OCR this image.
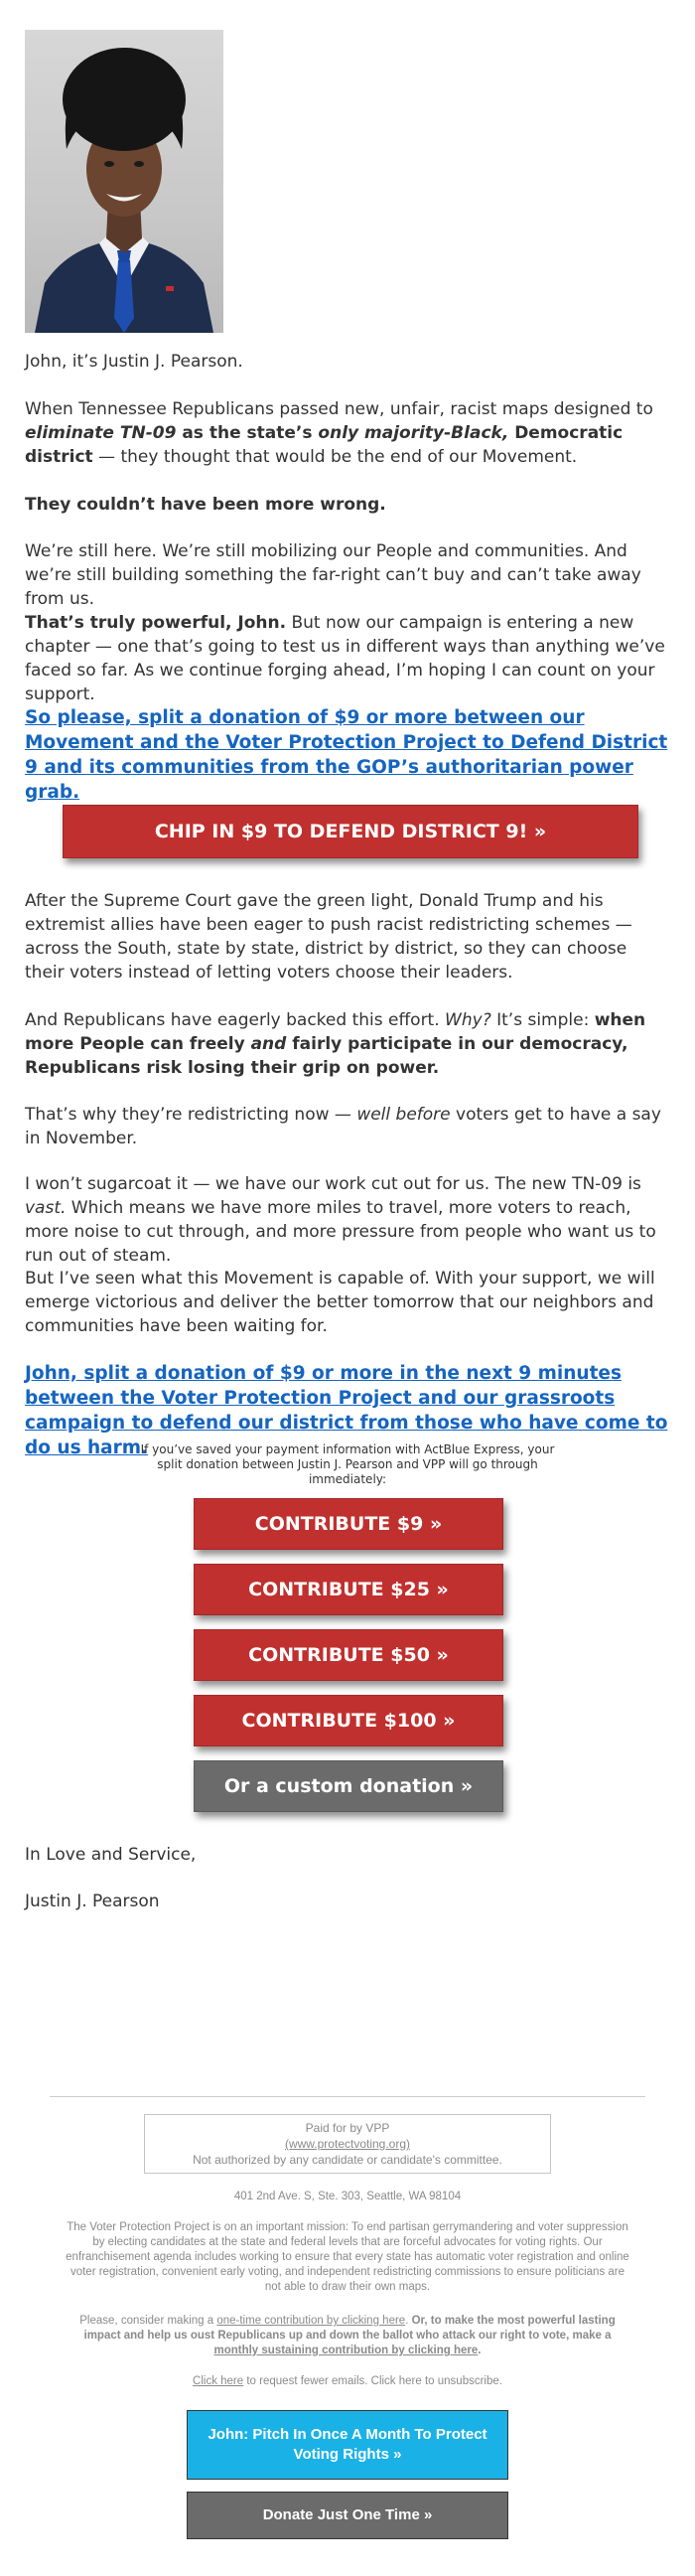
John, it’s Justin J. Pearson.

When Tennessee Republicans passed new, unfair, racist maps designed to eliminate TN-09 as the state’s only majority-Black, Democratic district — they thought that would be the end of our Movement.

They couldn’t have been more wrong.

We’re still here. We’re still mobilizing our People and communities. And we’re still building something the far-right can’t buy and can’t take away from us.

That’s truly powerful, John. But now our campaign is entering a new chapter — one that’s going to test us in different ways than anything we’ve faced so far. As we continue forging ahead, I’m hoping I can count on your support.

So please, split a donation of $9 or more between our Movement and the Voter Protection Project to Defend District 9 and its communities from the GOP’s authoritarian power grab.

CHIP IN $9 TO DEFEND DISTRICT 9! »

After the Supreme Court gave the green light, Donald Trump and his extremist allies have been eager to push racist redistricting schemes — across the South, state by state, district by district, so they can choose their voters instead of letting voters choose their leaders.

And Republicans have eagerly backed this effort. Why? It’s simple: when more People can freely and fairly participate in our democracy, Republicans risk losing their grip on power.

That’s why they’re redistricting now — well before voters get to have a say in November.

I won’t sugarcoat it — we have our work cut out for us. The new TN-09 is vast. Which means we have more miles to travel, more voters to reach, more noise to cut through, and more pressure from people who want us to run out of steam.

But I’ve seen what this Movement is capable of. With your support, we will emerge victorious and deliver the better tomorrow that our neighbors and communities have been waiting for.

John, split a donation of $9 or more in the next 9 minutes between the Voter Protection Project and our grassroots campaign to defend our district from those who have come to do us harm.

If you’ve saved your payment information with ActBlue Express, your split donation between Justin J. Pearson and VPP will go through immediately:
CONTRIBUTE $9 »
CONTRIBUTE $25 »
CONTRIBUTE $50 »
CONTRIBUTE $100 »
Or a custom donation »

In Love and Service,

Justin J. Pearson

Paid for by VPP
(www.protectvoting.org)
Not authorized by any candidate or candidate's committee.
401 2nd Ave. S, Ste. 303, Seattle, WA 98104
The Voter Protection Project is on an important mission: To end partisan gerrymandering and voter suppression by electing candidates at the state and federal levels that are forceful advocates for voting rights. Our enfranchisement agenda includes working to ensure that every state has automatic voter registration and online voter registration, convenient early voting, and independent redistricting commissions to ensure politicians are not able to draw their own maps.
Please, consider making a one-time contribution by clicking here. Or, to make the most powerful lasting impact and help us oust Republicans up and down the ballot who attack our right to vote, make a monthly sustaining contribution by clicking here.
Click here to request fewer emails. Click here to unsubscribe.
John: Pitch In Once A Month To Protect Voting Rights »
Donate Just One Time »
